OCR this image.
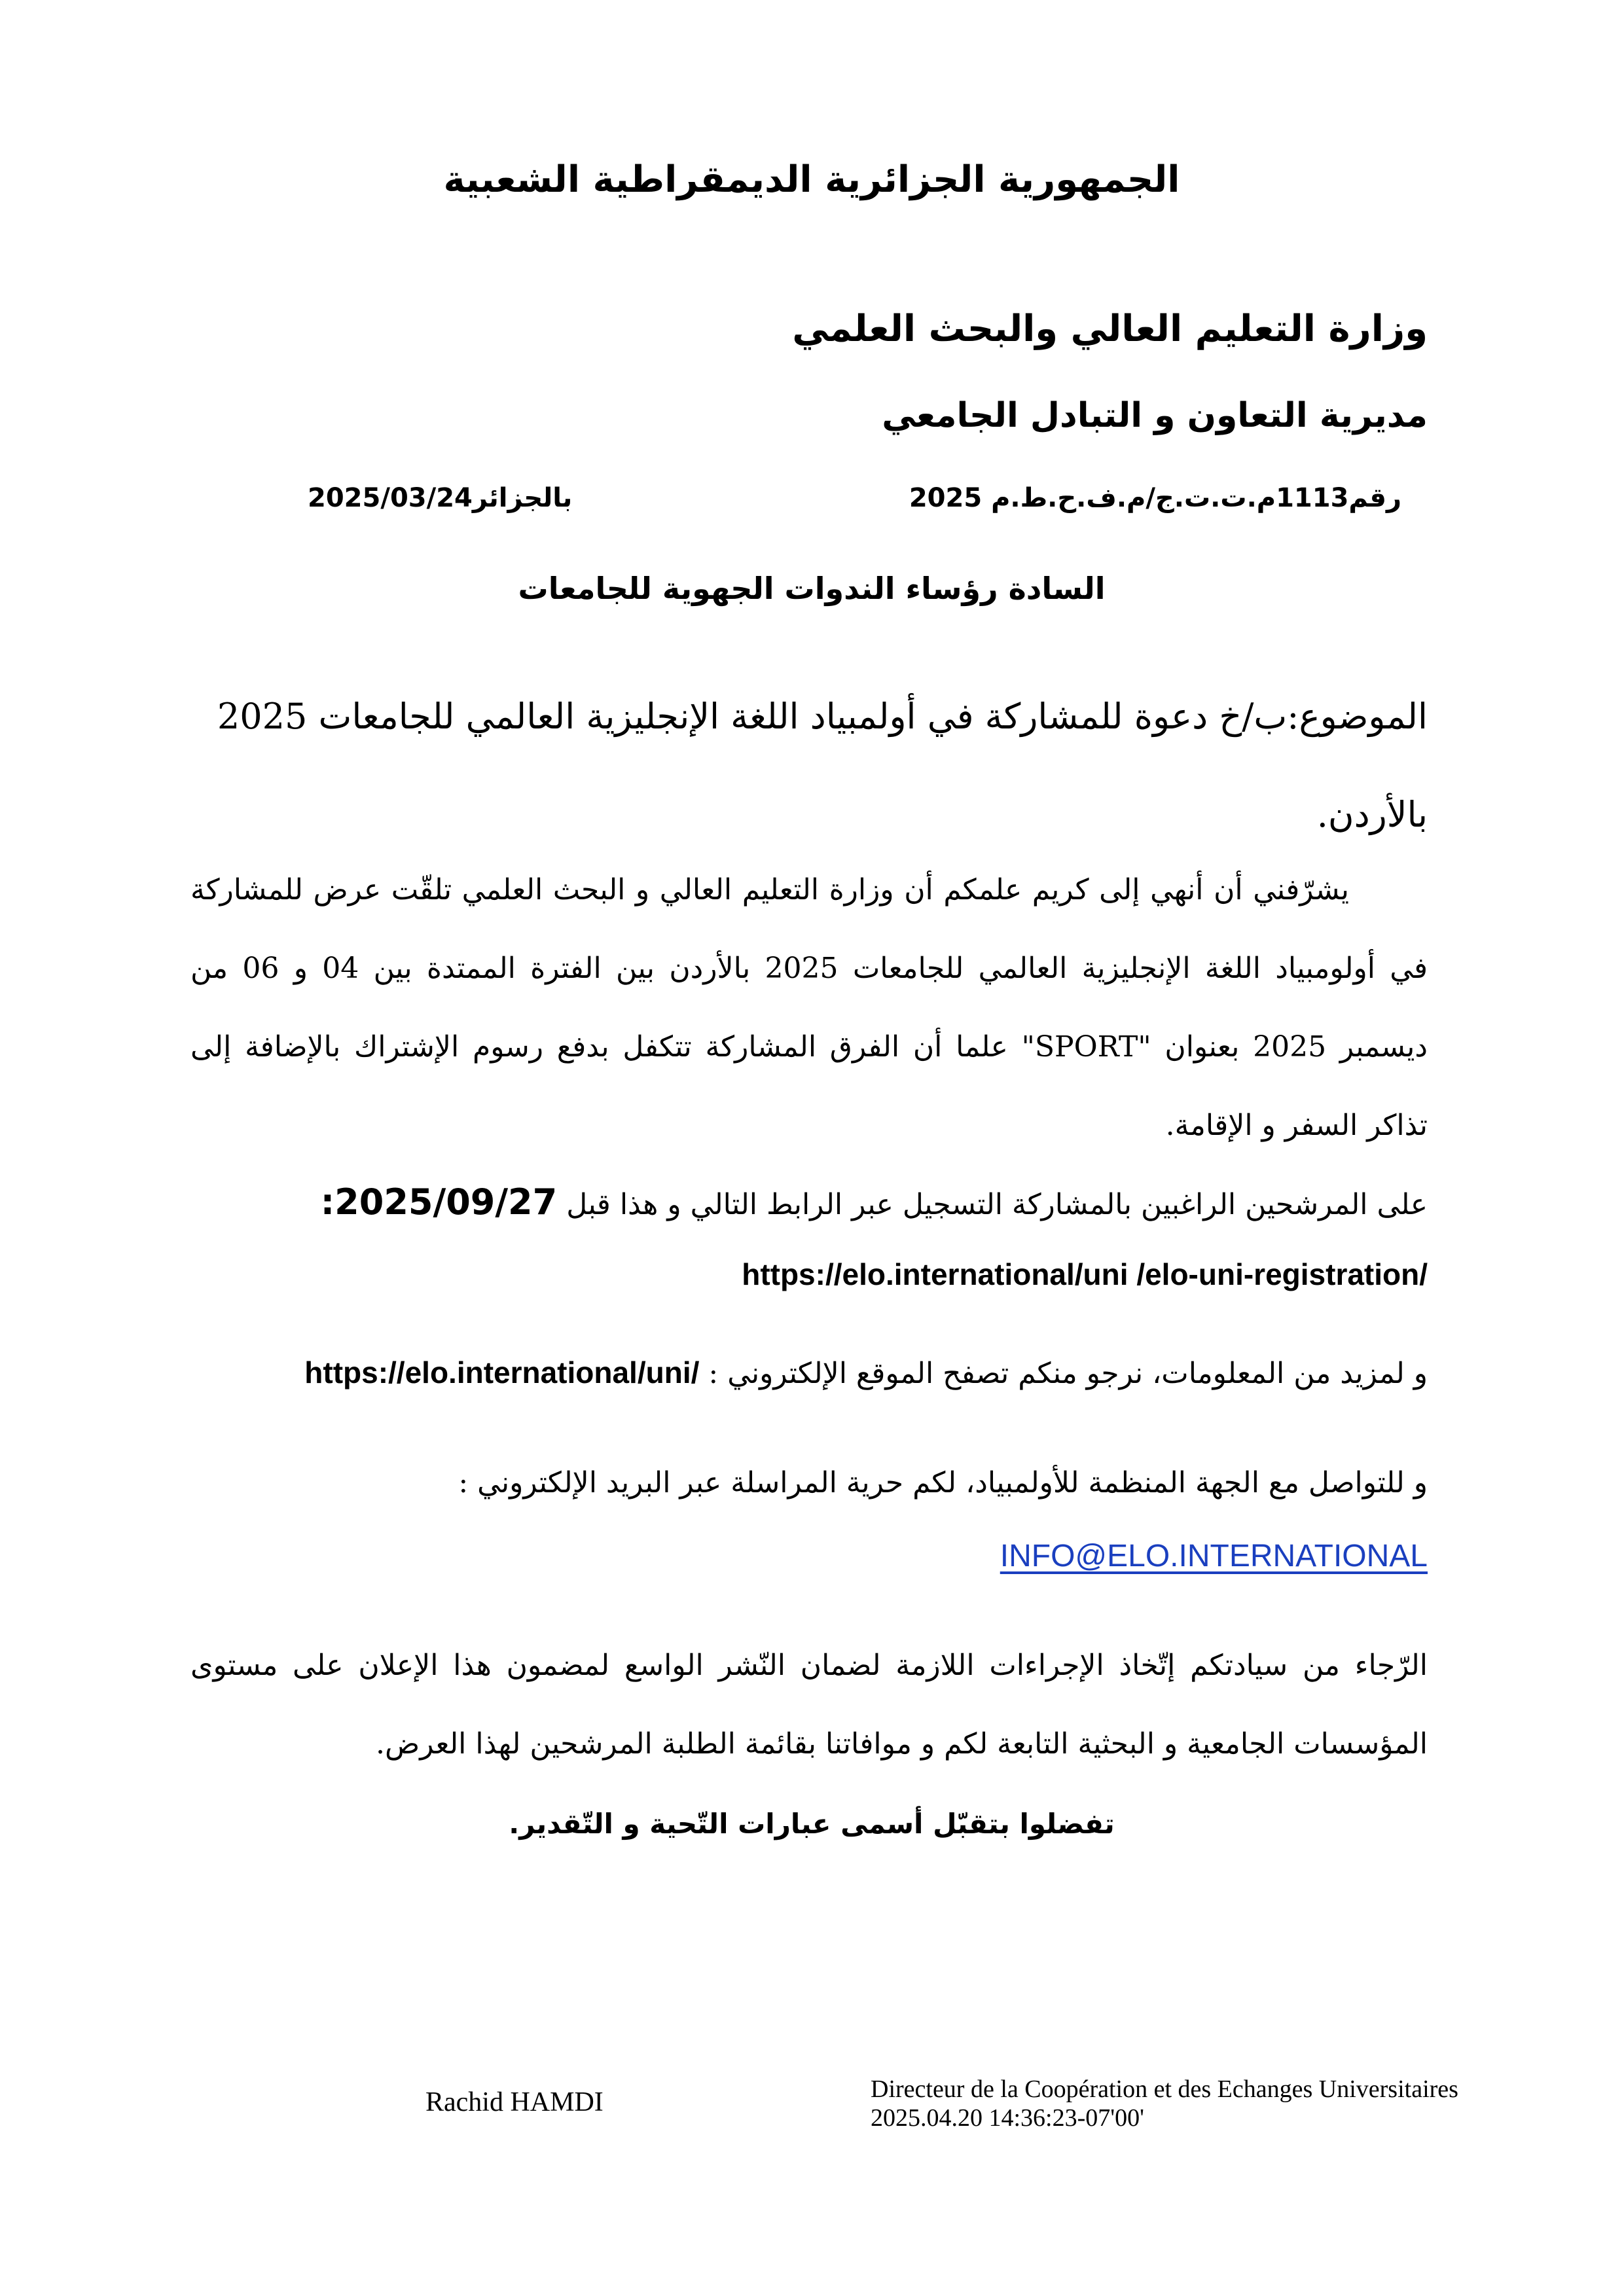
الجمهورية الجزائرية الديمقراطية الشعبية
وزارة التعليم العالي والبحث العلمي
مديرية التعاون و التبادل الجامعي
رقم1113م.ت.ت.ج/م.ف.ح.ط.م 2025
بالجزائر2025/03/24
السادة رؤساء الندوات الجهوية للجامعات
الموضوع:ب/خ دعوة للمشاركة في أولمبياد اللغة الإنجليزية العالمي للجامعات 2025 بالأردن.
يشرّفني أن أنهي إلى كريم علمكم أن وزارة التعليم العالي و البحث العلمي تلقّت عرض للمشاركة في أولومبياد اللغة الإنجليزية العالمي للجامعات 2025 بالأردن بين الفترة الممتدة بين 04 و 06 من ديسمبر 2025 بعنوان "SPORT" علما أن الفرق المشاركة تتكفل بدفع رسوم الإشتراك بالإضافة إلى تذاكر السفر و الإقامة.
على المرشحين الراغبين بالمشاركة التسجيل عبر الرابط التالي و هذا قبل 2025/09/27:
https://elo.international/uni /elo-uni-registration/
و لمزيد من المعلومات، نرجو منكم تصفح الموقع الإلكتروني : https://elo.international/uni/
و للتواصل مع الجهة المنظمة للأولمبياد، لكم حرية المراسلة عبر البريد الإلكتروني :
INFO@ELO.INTERNATIONAL
الرّجاء من سيادتكم إتّخاذ الإجراءات اللازمة لضمان النّشر الواسع لمضمون هذا الإعلان على مستوى المؤسسات الجامعية و البحثية التابعة لكم و موافاتنا بقائمة الطلبة المرشحين لهذا العرض.
تفضلوا بتقبّل أسمى عبارات التّحية و التّقدير.
Rachid HAMDI	Directeur de la Coopération et des Echanges Universitaires
2025.04.20 14:36:23-07'00'
